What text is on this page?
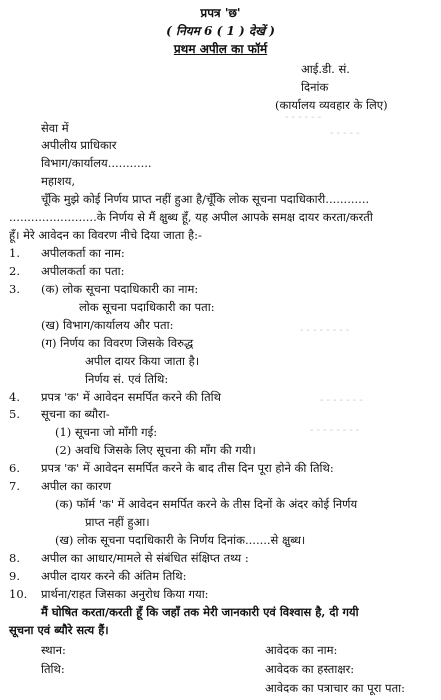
प्रपत्र 'छ'
( नियम 6 ( 1 ) देखें )
प्रथम अपील का फॉर्म
आई.डी. सं.
दिनांक
(कार्यालय व्यवहार के लिए)
- - - - - -
- - - - -
- - - - - - - -
- - - - - - -
- - - - - - - -
सेवा में
अपीलीय प्राधिकार
विभाग/कार्यालय............
महाशय,
चूँकि मुझे कोई निर्णय प्राप्त नहीं हुआ है/चूँकि लोक सूचना पदाधिकारी............
........................के निर्णय से मैं क्षुब्ध हूँ, यह अपील आपके समक्ष दायर करता/करती
हूँ। मेरे आवेदन का विवरण नीचे दिया जाता है:-
1. अपीलकर्ता का नाम:
2. अपीलकर्ता का पता:
3. (क) लोक सूचना पदाधिकारी का नाम:
लोक सूचना पदाधिकारी का पता:
(ख) विभाग/कार्यालय और पता:
(ग) निर्णय का विवरण जिसके विरुद्ध
अपील दायर किया जाता है।
निर्णय सं. एवं तिथि:
4. प्रपत्र 'क' में आवेदन समर्पित करने की तिथि
5. सूचना का ब्यौरा-
(1) सूचना जो माँगी गई:
(2) अवधि जिसके लिए सूचना की माँग की गयी।
6. प्रपत्र 'क' में आवेदन समर्पित करने के बाद तीस दिन पूरा होने की तिथि:
7. अपील का कारण
(क) फॉर्म 'क' में आवेदन समर्पित करने के तीस दिनों के अंदर कोई निर्णय
प्राप्त नहीं हुआ।
(ख) लोक सूचना पदाधिकारी के निर्णय दिनांक.......से क्षुब्ध।
8. अपील का आधार/मामले से संबंधित संक्षिप्त तथ्य :
9. अपील दायर करने की अंतिम तिथि:
10. प्रार्थना/राहत जिसका अनुरोध किया गया:
मैं घोषित करता/करती हूँ कि जहाँ तक मेरी जानकारी एवं विश्वास है, दी गयी
सूचना एवं ब्यौरे सत्य हैं।
स्थान:	आवेदक का नाम:
तिथि:	आवेदक का हस्ताक्षर:
आवेदक का पत्राचार का पूरा पता:
